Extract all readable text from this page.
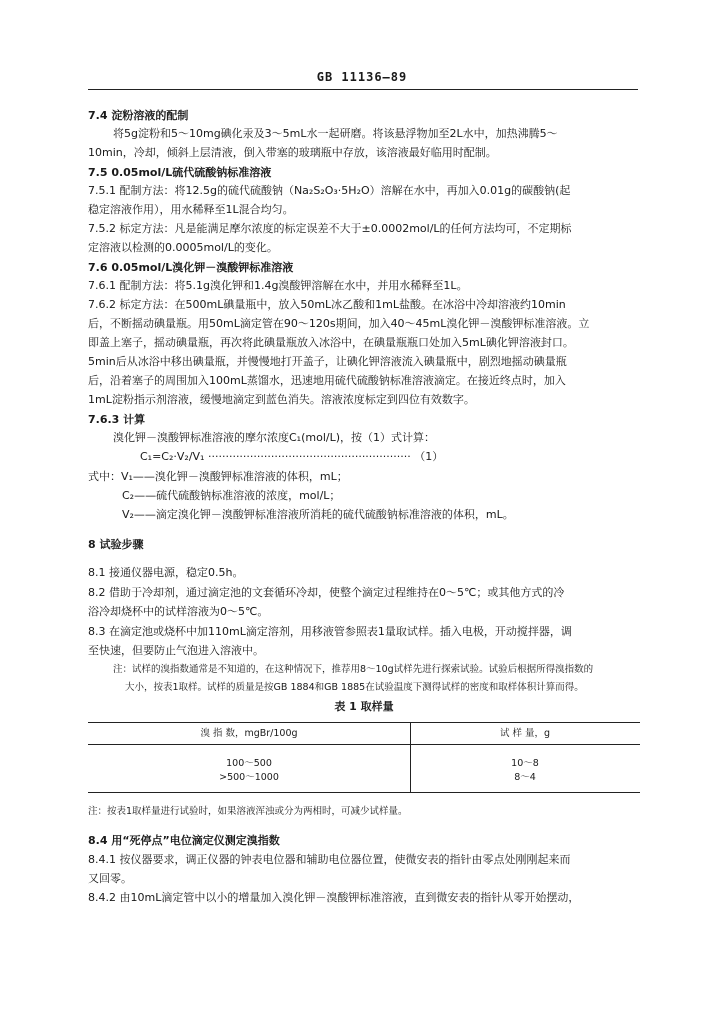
GB 11136—89
7.4 淀粉溶液的配制
将5g淀粉和5～10mg碘化汞及3～5mL水一起研磨。将该悬浮物加至2L水中，加热沸腾5～
10min，冷却，倾斜上层清液，倒入带塞的玻璃瓶中存放，该溶液最好临用时配制。
7.5 0.05mol/L硫代硫酸钠标准溶液
7.5.1 配制方法：将12.5g的硫代硫酸钠（Na₂S₂O₃·5H₂O）溶解在水中，再加入0.01g的碳酸钠(起
稳定溶液作用），用水稀释至1L混合均匀。
7.5.2 标定方法：凡是能满足摩尔浓度的标定误差不大于±0.0002mol/L的任何方法均可，不定期标
定溶液以检测的0.0005mol/L的变化。
7.6 0.05mol/L溴化钾－溴酸钾标准溶液
7.6.1 配制方法：将5.1g溴化钾和1.4g溴酸钾溶解在水中，并用水稀释至1L。
7.6.2 标定方法：在500mL碘量瓶中，放入50mL冰乙酸和1mL盐酸。在冰浴中冷却溶液约10min
后，不断摇动碘量瓶。用50mL滴定管在90～120s期间，加入40～45mL溴化钾－溴酸钾标准溶液。立
即盖上塞子，摇动碘量瓶，再次将此碘量瓶放入冰浴中，在碘量瓶瓶口处加入5mL碘化钾溶液封口。
5min后从冰浴中移出碘量瓶，并慢慢地打开盖子，让碘化钾溶液流入碘量瓶中，剧烈地摇动碘量瓶
后，沿着塞子的周围加入100mL蒸馏水，迅速地用硫代硫酸钠标准溶液滴定。在接近终点时，加入
1mL淀粉指示剂溶液，缓慢地滴定到蓝色消失。溶液浓度标定到四位有效数字。
7.6.3 计算
溴化钾－溴酸钾标准溶液的摩尔浓度C₁(mol/L)，按（1）式计算：
C₁=C₂·V₂/V₁ ·························································· （1）
式中：V₁——溴化钾－溴酸钾标准溶液的体积，mL；
C₂——硫代硫酸钠标准溶液的浓度，mol/L；
V₂——滴定溴化钾－溴酸钾标准溶液所消耗的硫代硫酸钠标准溶液的体积，mL。
8 试验步骤
8.1 接通仪器电源，稳定0.5h。
8.2 借助于冷却剂，通过滴定池的文套循环冷却，使整个滴定过程维持在0～5℃；或其他方式的冷
浴冷却烧杯中的试样溶液为0～5℃。
8.3 在滴定池或烧杯中加110mL滴定溶剂，用移液管参照表1量取试样。插入电极，开动搅拌器，调
至快速，但要防止气泡进入溶液中。
注：试样的溴指数通常是不知道的，在这种情况下，推荐用8～10g试样先进行探索试验。试验后根据所得溴指数的
大小，按表1取样。试样的质量是按GB 1884和GB 1885在试验温度下测得试样的密度和取样体积计算而得。
表 1 取样量
溴 指 数，mgBr/100g	试 样 量，g
100～500	10～8
>500～1000	8～4
注：按表1取样量进行试验时，如果溶液浑浊或分为两相时，可减少试样量。
8.4 用“死停点”电位滴定仪测定溴指数
8.4.1 按仪器要求，调正仪器的钟表电位器和辅助电位器位置，使微安表的指针由零点处刚刚起来而
又回零。
8.4.2 由10mL滴定管中以小的增量加入溴化钾－溴酸钾标准溶液，直到微安表的指针从零开始摆动，
